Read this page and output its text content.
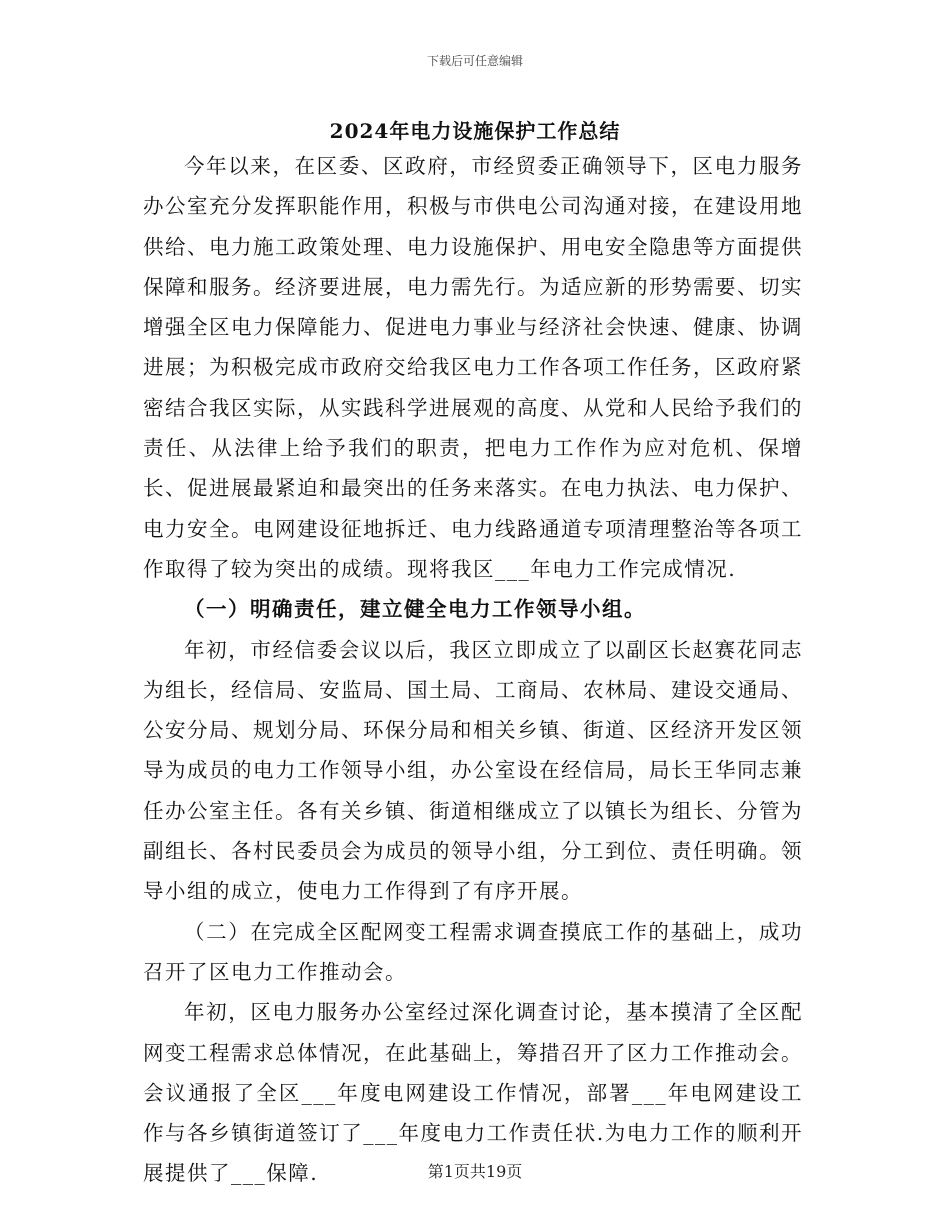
下载后可任意编辑
2024年电力设施保护工作总结

今年以来，在区委、区政府，市经贸委正确领导下，区电力服务办公室充分发挥职能作用，积极与市供电公司沟通对接，在建设用地供给、电力施工政策处理、电力设施保护、用电安全隐患等方面提供保障和服务。经济要进展，电力需先行。为适应新的形势需要、切实增强全区电力保障能力、促进电力事业与经济社会快速、健康、协调进展；为积极完成市政府交给我区电力工作各项工作任务，区政府紧密结合我区实际，从实践科学进展观的高度、从党和人民给予我们的责任、从法律上给予我们的职责，把电力工作作为应对危机、保增长、促进展最紧迫和最突出的任务来落实。在电力执法、电力保护、电力安全。电网建设征地拆迁、电力线路通道专项清理整治等各项工作取得了较为突出的成绩。现将我区___年电力工作完成情况.

（一）明确责任，建立健全电力工作领导小组。

年初，市经信委会议以后，我区立即成立了以副区长赵赛花同志为组长，经信局、安监局、国土局、工商局、农林局、建设交通局、公安分局、规划分局、环保分局和相关乡镇、街道、区经济开发区领导为成员的电力工作领导小组，办公室设在经信局，局长王华同志兼任办公室主任。各有关乡镇、街道相继成立了以镇长为组长、分管为副组长、各村民委员会为成员的领导小组，分工到位、责任明确。领导小组的成立，使电力工作得到了有序开展。

（二）在完成全区配网变工程需求调查摸底工作的基础上，成功召开了区电力工作推动会。

年初，区电力服务办公室经过深化调查讨论，基本摸清了全区配网变工程需求总体情况，在此基础上，筹措召开了区力工作推动会。会议通报了全区___年度电网建设工作情况，部署___年电网建设工作与各乡镇街道签订了___年度电力工作责任状.为电力工作的顺利开展提供了___保障.	第1页共19页
